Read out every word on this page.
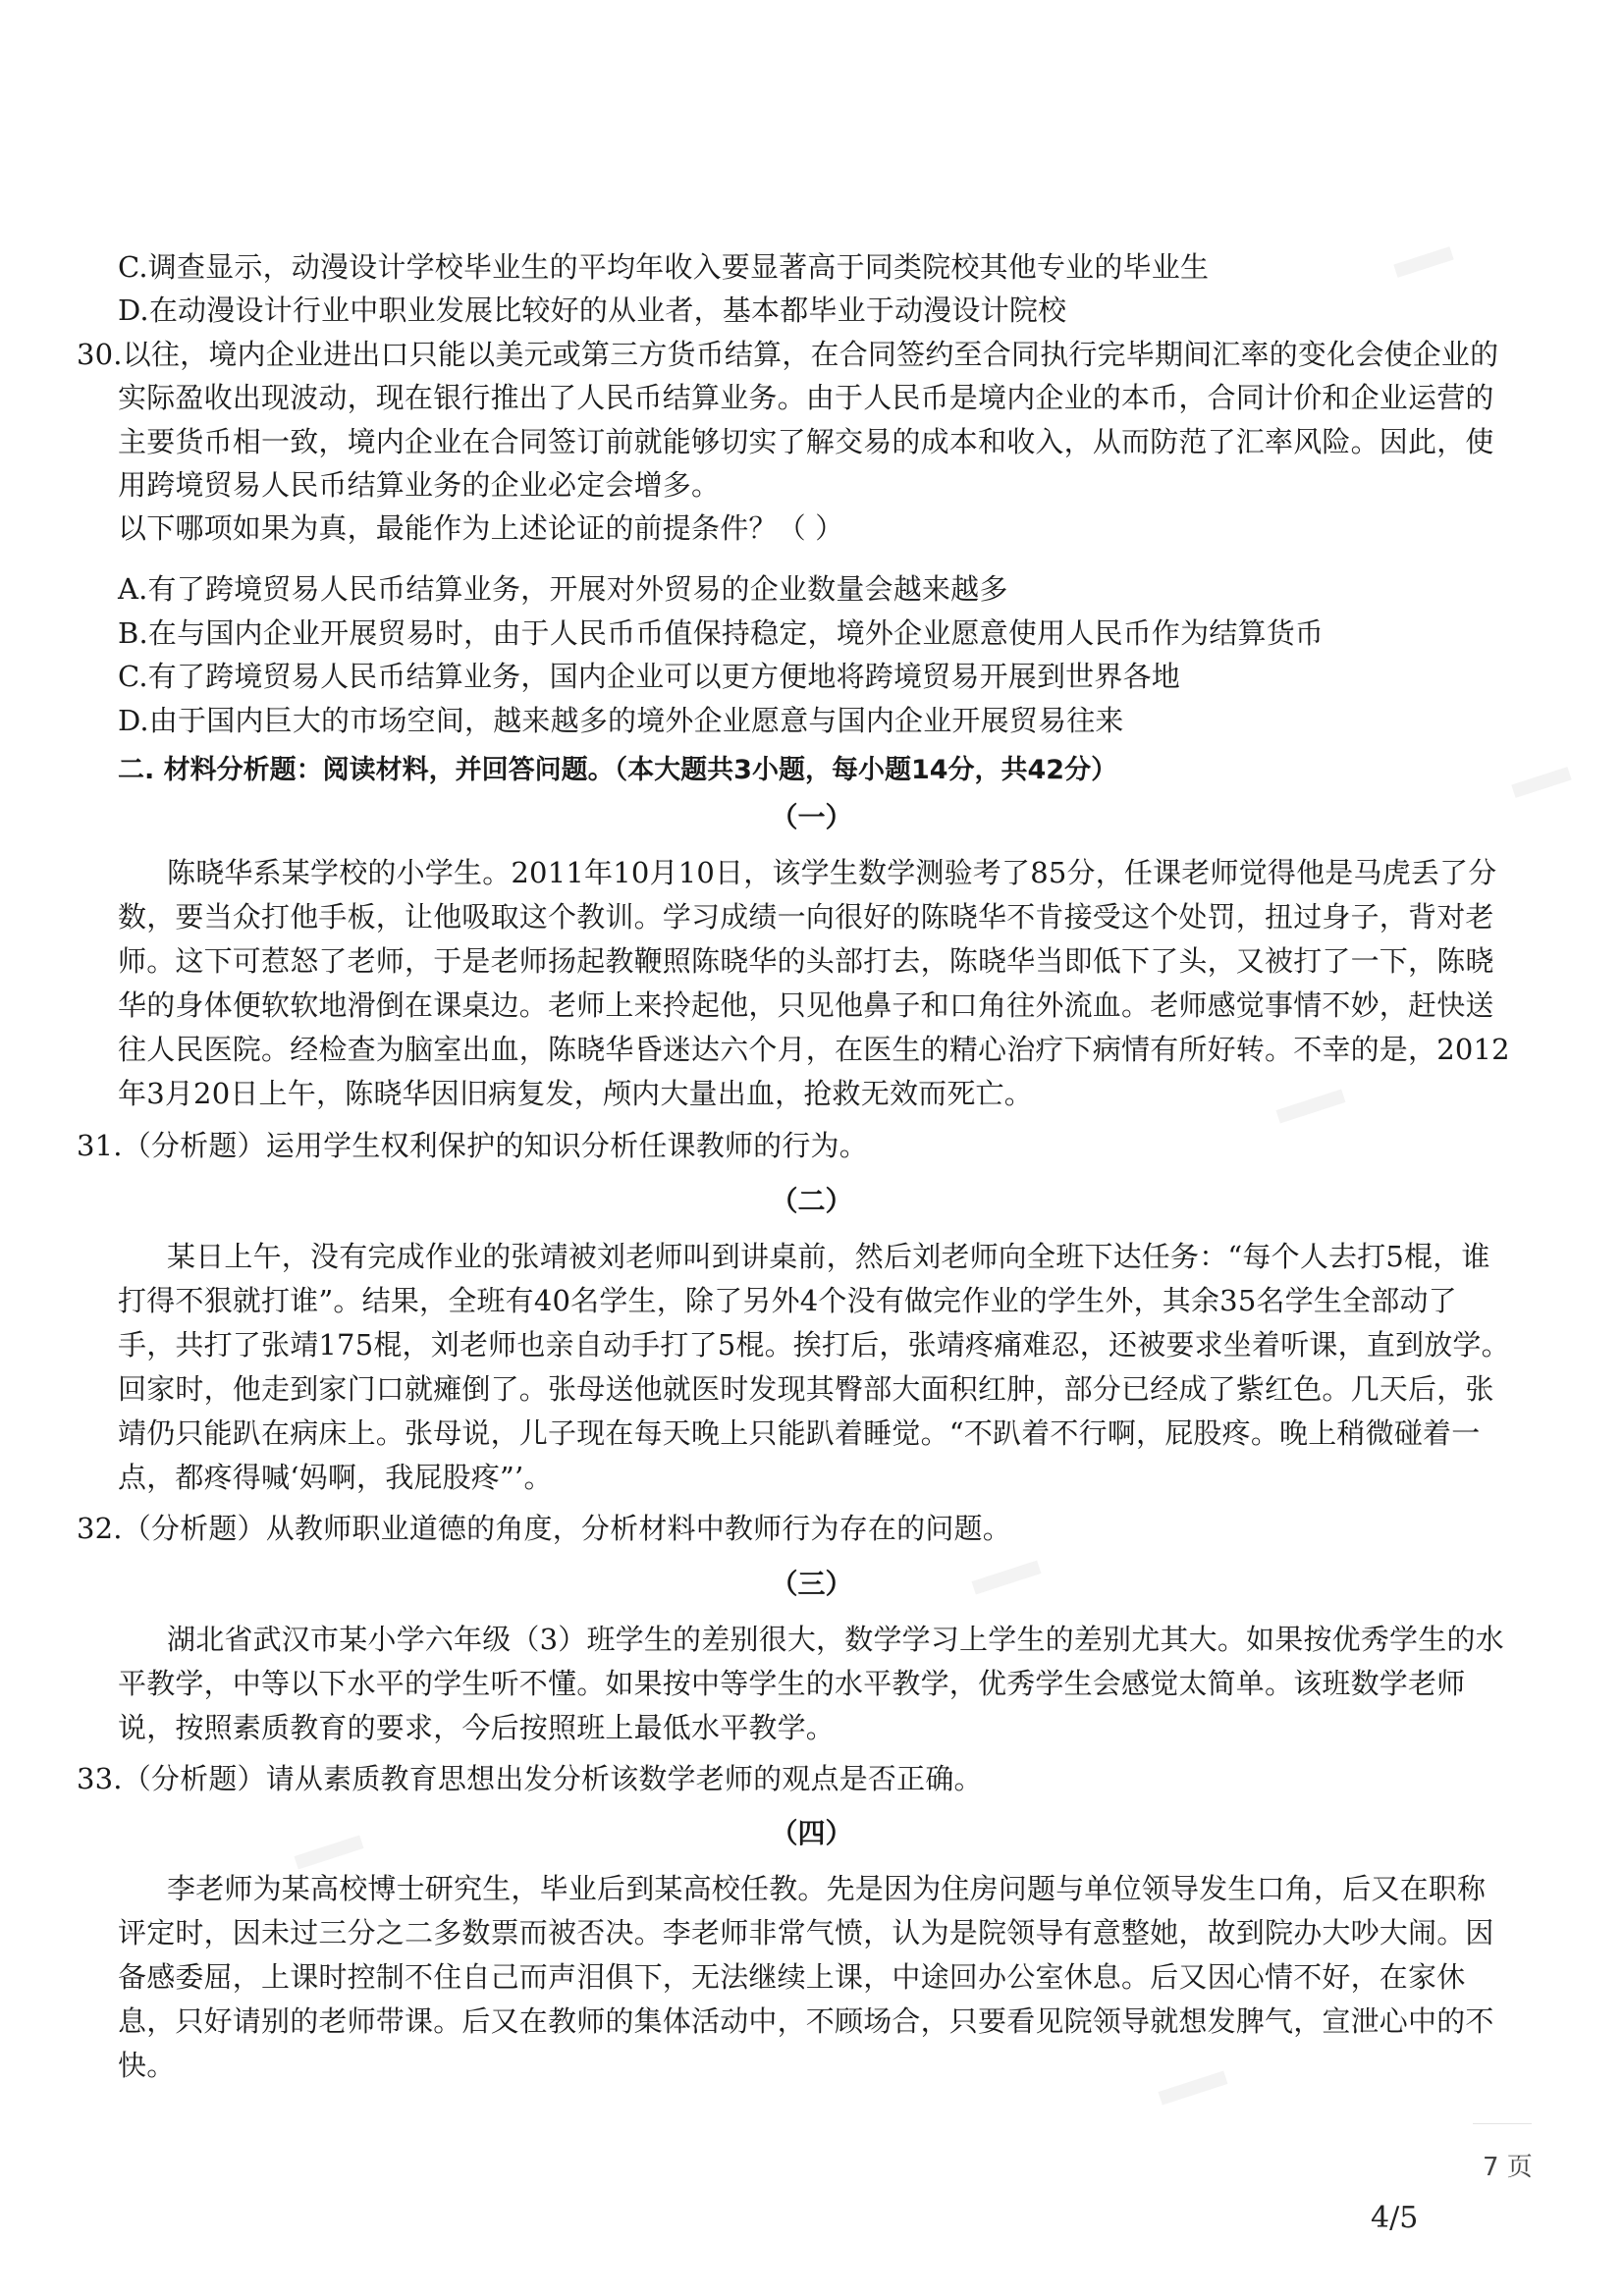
C.调查显示，动漫设计学校毕业生的平均年收入要显著高于同类院校其他专业的毕业生
D.在动漫设计行业中职业发展比较好的从业者，基本都毕业于动漫设计院校
30.以往，境内企业进出口只能以美元或第三方货币结算，在合同签约至合同执行完毕期间汇率的变化会使企业的
实际盈收出现波动，现在银行推出了人民币结算业务。由于人民币是境内企业的本币，合同计价和企业运营的
主要货币相一致，境内企业在合同签订前就能够切实了解交易的成本和收入，从而防范了汇率风险。因此，使
用跨境贸易人民币结算业务的企业必定会增多。
以下哪项如果为真，最能作为上述论证的前提条件？（ ）
A.有了跨境贸易人民币结算业务，开展对外贸易的企业数量会越来越多
B.在与国内企业开展贸易时，由于人民币币值保持稳定，境外企业愿意使用人民币作为结算货币
C.有了跨境贸易人民币结算业务，国内企业可以更方便地将跨境贸易开展到世界各地
D.由于国内巨大的市场空间，越来越多的境外企业愿意与国内企业开展贸易往来
二. 材料分析题：阅读材料，并回答问题。（本大题共3小题，每小题14分，共42分）
（一）
陈晓华系某学校的小学生。2011年10月10日，该学生数学测验考了85分，任课老师觉得他是马虎丢了分
数，要当众打他手板，让他吸取这个教训。学习成绩一向很好的陈晓华不肯接受这个处罚，扭过身子，背对老
师。这下可惹怒了老师，于是老师扬起教鞭照陈晓华的头部打去，陈晓华当即低下了头，又被打了一下，陈晓
华的身体便软软地滑倒在课桌边。老师上来拎起他，只见他鼻子和口角往外流血。老师感觉事情不妙，赶快送
往人民医院。经检查为脑室出血，陈晓华昏迷达六个月，在医生的精心治疗下病情有所好转。不幸的是，2012
年3月20日上午，陈晓华因旧病复发，颅内大量出血，抢救无效而死亡。
31.（分析题）运用学生权利保护的知识分析任课教师的行为。
（二）
某日上午，没有完成作业的张靖被刘老师叫到讲桌前，然后刘老师向全班下达任务：“每个人去打5棍，谁
打得不狠就打谁”。结果，全班有40名学生，除了另外4个没有做完作业的学生外，其余35名学生全部动了
手，共打了张靖175棍，刘老师也亲自动手打了5棍。挨打后，张靖疼痛难忍，还被要求坐着听课，直到放学。
回家时，他走到家门口就瘫倒了。张母送他就医时发现其臀部大面积红肿，部分已经成了紫红色。几天后，张
靖仍只能趴在病床上。张母说，儿子现在每天晚上只能趴着睡觉。“不趴着不行啊，屁股疼。晚上稍微碰着一
点，都疼得喊‘妈啊，我屁股疼”’。
32.（分析题）从教师职业道德的角度，分析材料中教师行为存在的问题。
（三）
湖北省武汉市某小学六年级（3）班学生的差别很大，数学学习上学生的差别尤其大。如果按优秀学生的水
平教学，中等以下水平的学生听不懂。如果按中等学生的水平教学，优秀学生会感觉太简单。该班数学老师
说，按照素质教育的要求，今后按照班上最低水平教学。
33.（分析题）请从素质教育思想出发分析该数学老师的观点是否正确。
（四）
李老师为某高校博士研究生，毕业后到某高校任教。先是因为住房问题与单位领导发生口角，后又在职称
评定时，因未过三分之二多数票而被否决。李老师非常气愤，认为是院领导有意整她，故到院办大吵大闹。因
备感委屈，上课时控制不住自己而声泪俱下，无法继续上课，中途回办公室休息。后又因心情不好，在家休
息，只好请别的老师带课。后又在教师的集体活动中，不顾场合，只要看见院领导就想发脾气，宣泄心中的不
快。
7 页
4/5
